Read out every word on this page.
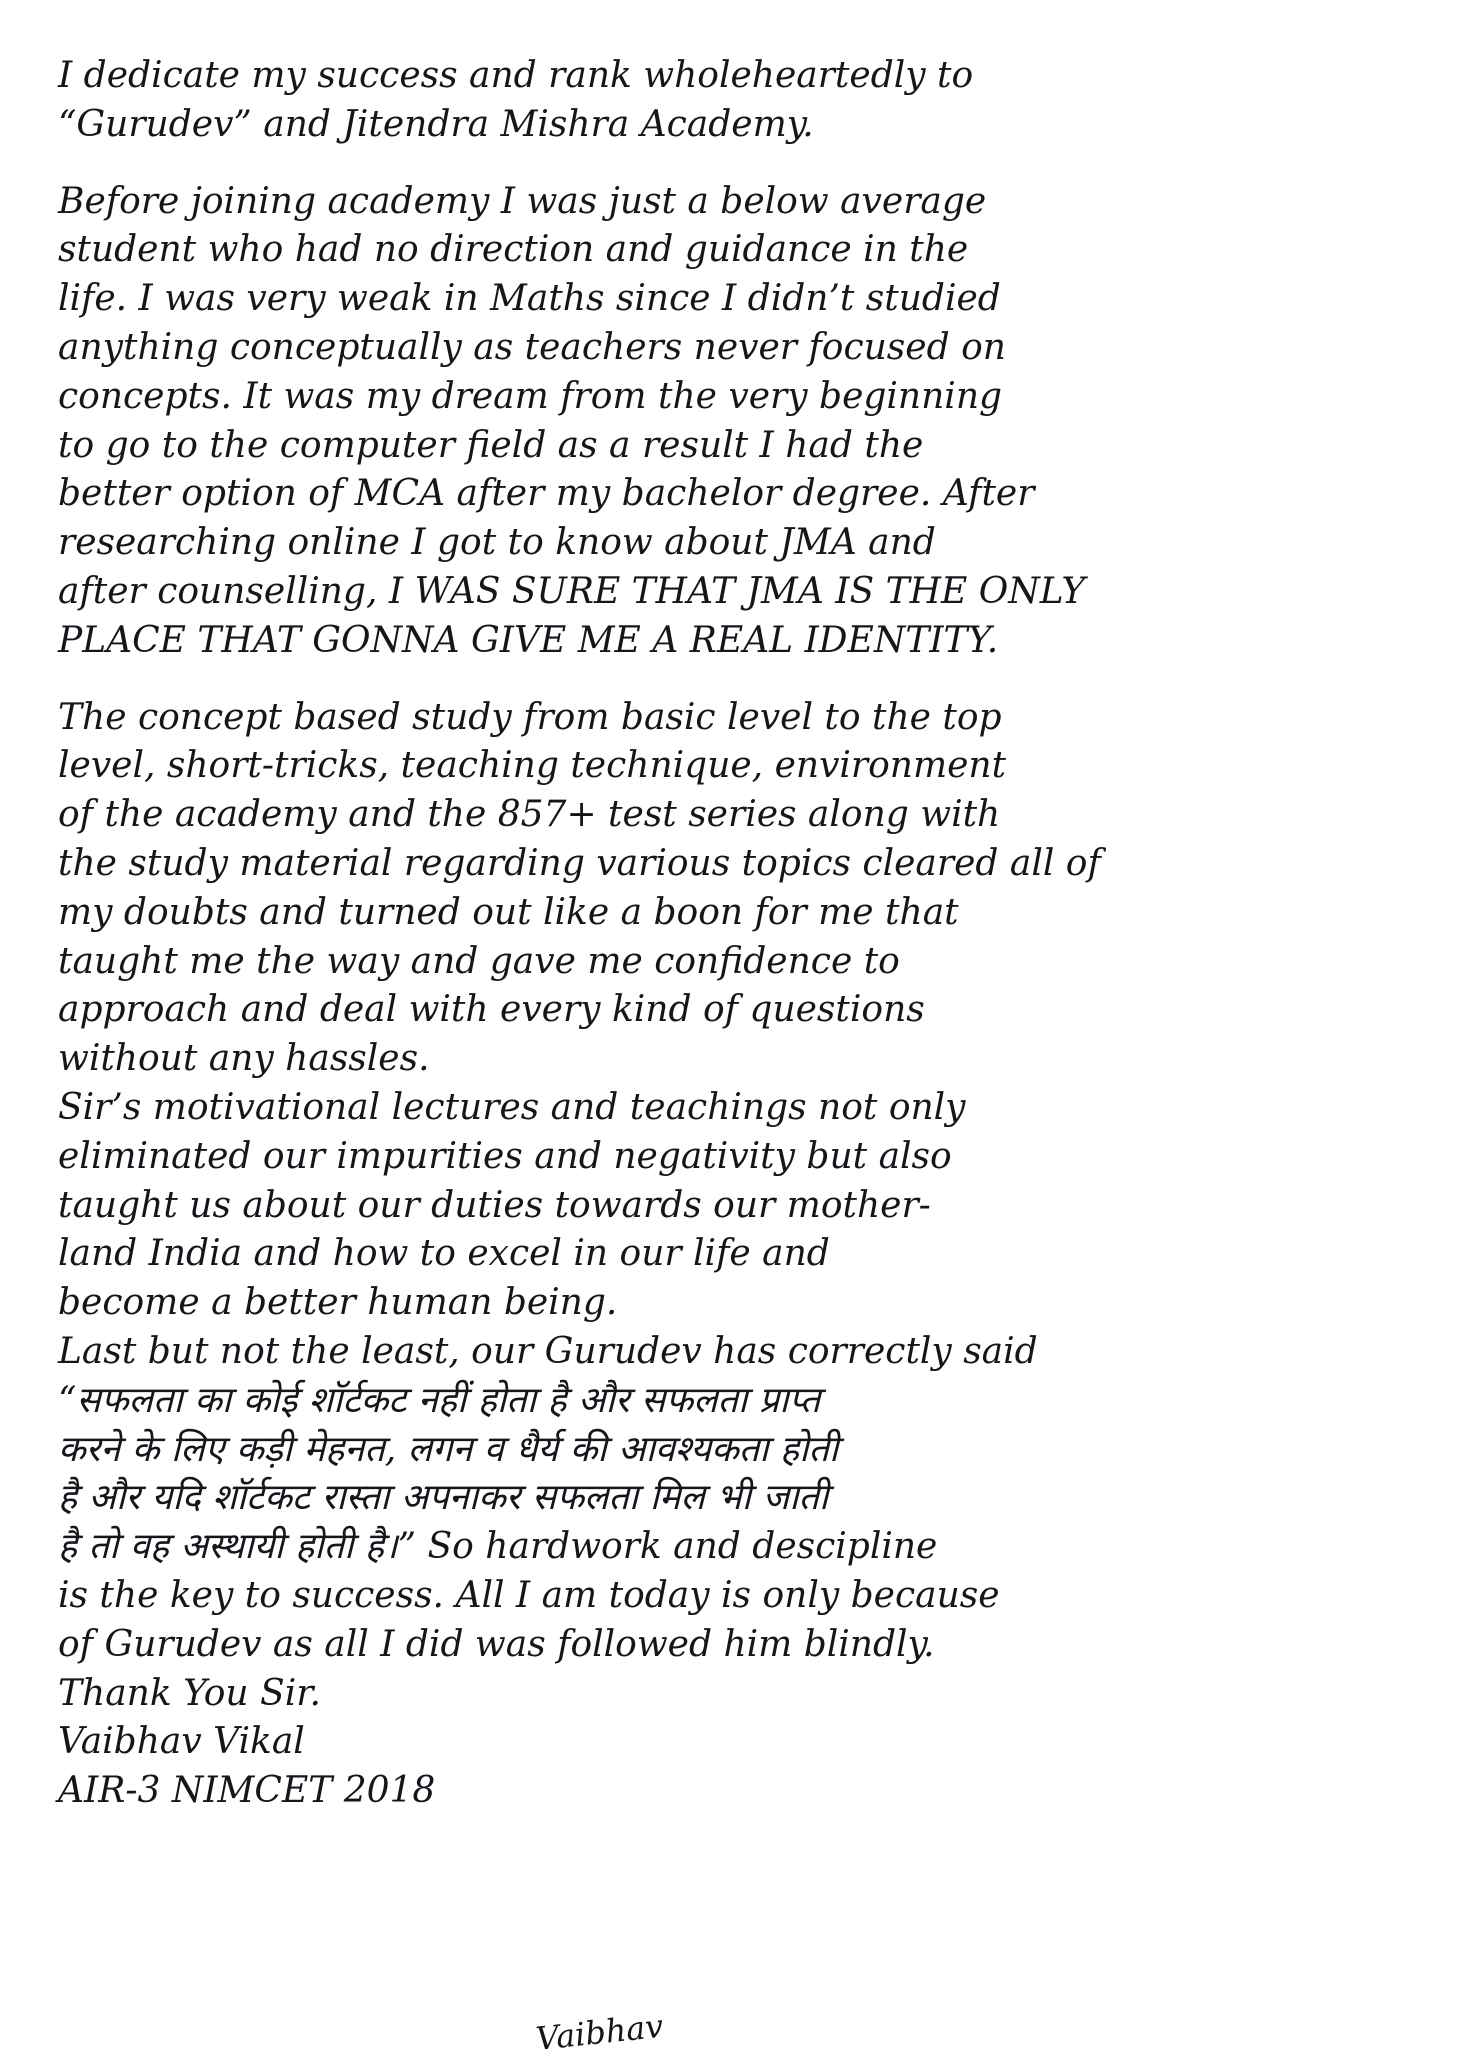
I dedicate my success and rank wholeheartedly to
“Gurudev” and Jitendra Mishra Academy.
Before joining academy I was just a below average
student who had no direction and guidance in the
life. I was very weak in Maths since I didn’t studied
anything conceptually as teachers never focused on
concepts. It was my dream from the very beginning
to go to the computer field as a result I had the
better option of MCA after my bachelor degree. After
researching online I got to know about JMA and
after counselling, I WAS SURE THAT JMA IS THE ONLY
PLACE THAT GONNA GIVE ME A REAL IDENTITY.
The concept based study from basic level to the top
level, short-tricks, teaching technique, environment
of the academy and the 857+ test series along with
the study material regarding various topics cleared all of
my doubts and turned out like a boon for me that
taught me the way and gave me confidence to
approach and deal with every kind of questions
without any hassles.
Sir’s motivational lectures and teachings not only
eliminated our impurities and negativity but also
taught us about our duties towards our mother-
land India and how to excel in our life and
become a better human being.
Last but not the least, our Gurudev has correctly said
“सफलता का कोई शॉर्टकट नहीं होता है और सफलता प्राप्त
करने के लिए कड़ी मेहनत, लगन व धैर्य की आवश्यकता होती
है और यदि शॉर्टकट रास्ता अपनाकर सफलता मिल भी जाती
है तो वह अस्थायी होती है।” So hardwork and descipline
is the key to success. All I am today is only because
of Gurudev as all I did was followed him blindly.
Thank You Sir.
Vaibhav Vikal
AIR-3 NIMCET 2018
Vaibhav
